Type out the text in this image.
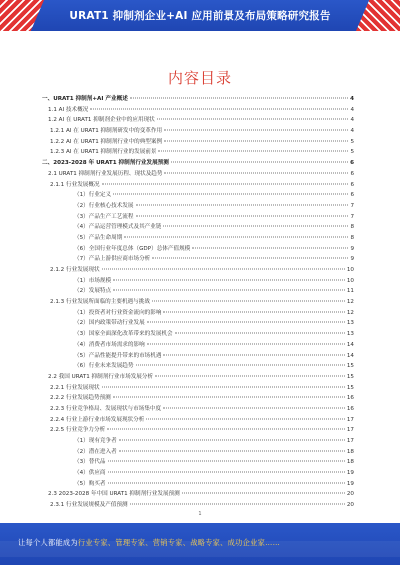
URAT1 抑制剂企业+AI 应用前景及布局策略研究报告
内容目录
一、URAT1 抑制剂+AI 产业概述	4
1.1 AI 技术概况	4
1.2 AI 在 URAT1 抑制剂企业中的应用现状	4
1.2.1 AI 在 URAT1 抑制剂研发中的变革作用	4
1.2.2 AI 在 URAT1 抑制剂行业中的典型案例	5
1.2.3 AI 在 URAT1 抑制剂行业的发展前景	5
二、2023-2028 年 URAT1 抑制剂行业发展预测	6
2.1 URAT1 抑制剂行业发展历程、现状及趋势	6
2.1.1 行业发展概况	6
（1）行业定义	6
（2）行业核心技术发展	7
（3）产品生产工艺流程	7
（4）产品运营管理模式及其产业链	8
（5）产品生命周期	8
（6）全国行业年度总体（GDP）总体产值规模	9
（7）产品上游供应商市场分析	9
2.1.2 行业发展现状	10
（1）市场规模	10
（2）发展特点	11
2.1.3 行业发展所面临的主要机遇与挑战	12
（1）投资者对行业资金流向的影响	12
（2）国内政策带动行业发展	13
（3）国家全面深化改革带来的发展机会	13
（4）消费者市场需求的影响	14
（5）产品性能提升带来的市场机遇	14
（6）行业未来发展趋势	15
2.2 我国 URAT1 抑制剂行业市场发展分析	15
2.2.1 行业发展现状	15
2.2.2 行业发展趋势预测	16
2.2.3 行业竞争格局、发展现状与市场集中度	16
2.2.4 行业上游行业市场发展现状分析	17
2.2.5 行业竞争力分析	17
（1）现有竞争者	17
（2）潜在进入者	18
（3）替代品	18
（4）供应商	19
（5）购买者	19
2.3 2023-2028 年中国 URAT1 抑制剂行业发展预测	20
2.3.1 行业发展规模及产值预测	20
1
让每个人都能成为行业专家、管理专家、营销专家、战略专家、成功企业家……
